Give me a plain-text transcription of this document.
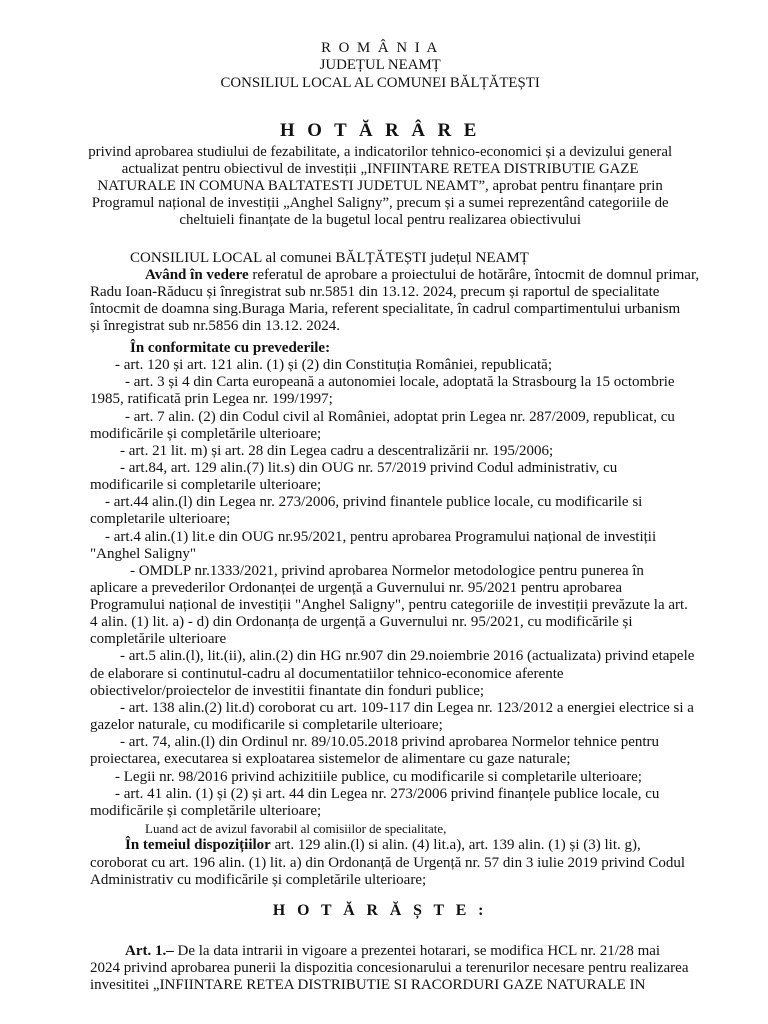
R O M Â N I A
JUDEȚUL NEAMȚ
CONSILIUL LOCAL AL COMUNEI BĂLȚĂTEȘTI
H O T Ă R Â R E
privind aprobarea studiului de fezabilitate, a indicatorilor tehnico-economici și a devizului general
actualizat pentru obiectivul de investiții „INFIINTARE RETEA DISTRIBUTIE GAZE
NATURALE IN COMUNA BALTATESTI JUDETUL NEAMT”, aprobat pentru finanțare prin
Programul național de investiții „Anghel Saligny”, precum și a sumei reprezentând categoriile de
cheltuieli finanțate de la bugetul local pentru realizarea obiectivului
CONSILIUL LOCAL al comunei BĂLȚĂTEȘTI județul NEAMȚ
Având în vedere referatul de aprobare a proiectului de hotărâre, întocmit de domnul primar,
Radu Ioan-Răducu și înregistrat sub nr.5851 din 13.12. 2024, precum și raportul de specialitate
întocmit de doamna sing.Buraga Maria, referent specialitate, în cadrul compartimentului urbanism
și înregistrat sub nr.5856 din 13.12. 2024.
În conformitate cu prevederile:
- art. 120 și art. 121 alin. (1) și (2) din Constituția României, republicată;
- art. 3 și 4 din Carta europeană a autonomiei locale, adoptată la Strasbourg la 15 octombrie
1985, ratificată prin Legea nr. 199/1997;
- art. 7 alin. (2) din Codul civil al României, adoptat prin Legea nr. 287/2009, republicat, cu
modificările și completările ulterioare;
- art. 21 lit. m) și art. 28 din Legea cadru a descentralizării nr. 195/2006;
- art.84, art. 129 alin.(7) lit.s) din OUG nr. 57/2019 privind Codul administrativ, cu
modificarile si completarile ulterioare;
- art.44 alin.(l) din Legea nr. 273/2006, privind finantele publice locale, cu modificarile si
completarile ulterioare;
- art.4 alin.(1) lit.e din OUG nr.95/2021, pentru aprobarea Programului național de investiții
"Anghel Saligny"
- OMDLP nr.1333/2021, privind aprobarea Normelor metodologice pentru punerea în
aplicare a prevederilor Ordonanței de urgență a Guvernului nr. 95/2021 pentru aprobarea
Programului național de investiții "Anghel Saligny", pentru categoriile de investiții prevăzute la art.
4 alin. (1) lit. a) - d) din Ordonanța de urgență a Guvernului nr. 95/2021, cu modificările și
completările ulterioare
- art.5 alin.(l), lit.(ii), alin.(2) din HG nr.907 din 29.noiembrie 2016 (actualizata) privind etapele
de elaborare si continutul-cadru al documentatiilor tehnico-economice aferente
obiectivelor/proiectelor de investitii finantate din fonduri publice;
- art. 138 alin.(2) lit.d) coroborat cu art. 109-117 din Legea nr. 123/2012 a energiei electrice si a
gazelor naturale, cu modificarile si completarile ulterioare;
- art. 74, alin.(l) din Ordinul nr. 89/10.05.2018 privind aprobarea Normelor tehnice pentru
proiectarea, executarea si exploatarea sistemelor de alimentare cu gaze naturale;
- Legii nr. 98/2016 privind achizitiile publice, cu modificarile si completarile ulterioare;
- art. 41 alin. (1) și (2) și art. 44 din Legea nr. 273/2006 privind finanțele publice locale, cu
modificările și completările ulterioare;
Luand act de avizul favorabil al comisiilor de specialitate,
În temeiul dispozițiilor art. 129 alin.(l) si alin. (4) lit.a), art. 139 alin. (1) și (3) lit. g),
coroborat cu art. 196 alin. (1) lit. a) din Ordonanță de Urgență nr. 57 din 3 iulie 2019 privind Codul
Administrativ cu modificările și completările ulterioare;
H O T Ă R Ă Ș T E :
Art. 1.– De la data intrarii in vigoare a prezentei hotarari, se modifica HCL nr. 21/28 mai
2024 privind aprobarea punerii la dispozitia concesionarului a terenurilor necesare pentru realizarea
invesititei „INFIINTARE RETEA DISTRIBUTIE SI RACORDURI GAZE NATURALE IN
